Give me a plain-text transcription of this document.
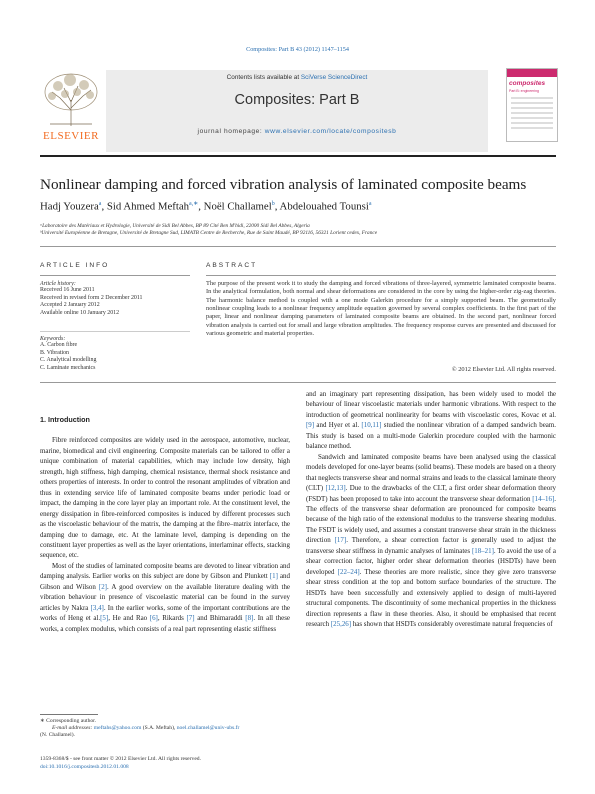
Composites: Part B 43 (2012) 1147–1154
ELSEVIER
Contents lists available at SciVerse ScienceDirect
Composites: Part B
journal homepage: www.elsevier.com/locate/compositesb
composites
Part B: engineering
Nonlinear damping and forced vibration analysis of laminated composite beams
Hadj Youzera$^a$, Sid Ahmed Meftah$^{a,∗}$, Noël Challamel$^b$, Abdelouahed Tounsi$^a$
ᵃLaboratoire des Matériaux et Hydrologie, Université de Sidi Bel Abbes, BP 89 Cité Ben M'hidi, 22000 Sidi Bel Abbes, Algeria
ᵇUniversité Européenne de Bretagne, Université de Bretagne Sud, LIMATB Centre de Recherche, Rue de Saint Maudé, BP 92116, 56321 Lorient cedex, France
ARTICLE INFO
Article history:
Received 16 June 2011
Received in revised form 2 December 2011
Accepted 2 January 2012
Available online 10 January 2012
Keywords:
A. Carbon fibre
B. Vibration
C. Analytical modelling
C. Laminate mechanics
ABSTRACT
The purpose of the present work it to study the damping and forced vibrations of three-layered, symmetric laminated composite beams. In the analytical formulation, both normal and shear deformations are considered in the core by using the higher-order zig-zag theories. The harmonic balance method is coupled with a one mode Galerkin procedure for a simply supported beam. The geometrically nonlinear coupling leads to a nonlinear frequency amplitude equation governed by several complex coefficients. In the first part of the paper, linear and nonlinear damping parameters of laminated composite beams are obtained. In the second part, nonlinear forced vibration analysis is carried out for small and large vibration amplitudes. The frequency response curves are presented and discussed for various geometric and material properties.
© 2012 Elsevier Ltd. All rights reserved.
1. Introduction

Fibre reinforced composites are widely used in the aerospace, automotive, nuclear, marine, biomedical and civil engineering. Composite materials can be tailored to offer a unique combination of material capabilities, which may include low density, high strength, high stiffness, high damping, chemical resistance, thermal shock resistance and others properties of interests. In order to control the resonant amplitudes of vibration and thus in extending service life of laminated composite beams under periodic load or impact, the damping in the core layer play an important role. At the constituent level, the energy dissipation in fibre-reinforced composites is induced by different processes such as the viscoelastic behaviour of the matrix, the damping at the fibre–matrix interface, the damping due to damage, etc. At the laminate level, damping is depending on the constituent layer properties as well as the layer orientations, interlaminar effects, stacking sequence, etc.

Most of the studies of laminated composite beams are devoted to linear vibration and damping analysis. Earlier works on this subject are done by Gibson and Plunkett [1] and Gibson and Wilson [2]. A good overview on the available literature dealing with the vibration behaviour in presence of viscoelastic material can be found in the survey articles by Nakra [3,4]. In the earlier works, some of the important contributions are the works of Heng et al.[5], He and Rao [6], Rikards [7] and Bhimaraddi [8]. In all these works, a complex modulus, which consists of a real part representing elastic stiffness

and an imaginary part representing dissipation, has been widely used to model the behaviour of linear viscoelastic materials under harmonic vibrations. With respect to the introduction of geometrical nonlinearity for beams with viscoelastic cores, Kovac et al. [9] and Hyer et al. [10,11] studied the nonlinear vibration of a damped sandwich beam. This study is based on a multi-mode Galerkin procedure coupled with the harmonic balance method.

Sandwich and laminated composite beams have been analysed using the classical models developed for one-layer beams (solid beams). These models are based on a theory that neglects transverse shear and normal strains and leads to the classical laminate theory (CLT) [12,13]. Due to the drawbacks of the CLT, a first order shear deformation theory (FSDT) has been proposed to take into account the transverse shear deformation [14–16]. The effects of the transverse shear deformation are pronounced for composite beams because of the high ratio of the extensional modulus to the transverse shearing modulus. The FSDT is widely used, and assumes a constant transverse shear strain in the thickness direction [17]. Therefore, a shear correction factor is generally used to adjust the transverse shear stiffness in dynamic analyses of laminates [18–21]. To avoid the use of a shear correction factor, higher order shear deformation theories (HSDTs) have been developed [22–24]. These theories are more realistic, since they give zero transverse shear stress condition at the top and bottom surface boundaries of the structure. The HSDTs have been successfully and extensively applied to design of multi-layered structural components. The discontinuity of some mechanical properties in the thickness direction represents a flaw in these theories. Also, it should be emphasised that recent research [25,26] has shown that HSDTs considerably overestimate natural frequencies of

∗ Corresponding author.
E-mail addresses: meftahs@yahoo.com (S.A. Meftah), noel.challamel@univ-ubs.fr
(N. Challamel).
1359-8368/$ - see front matter © 2012 Elsevier Ltd. All rights reserved.
doi:10.1016/j.compositesb.2012.01.008
